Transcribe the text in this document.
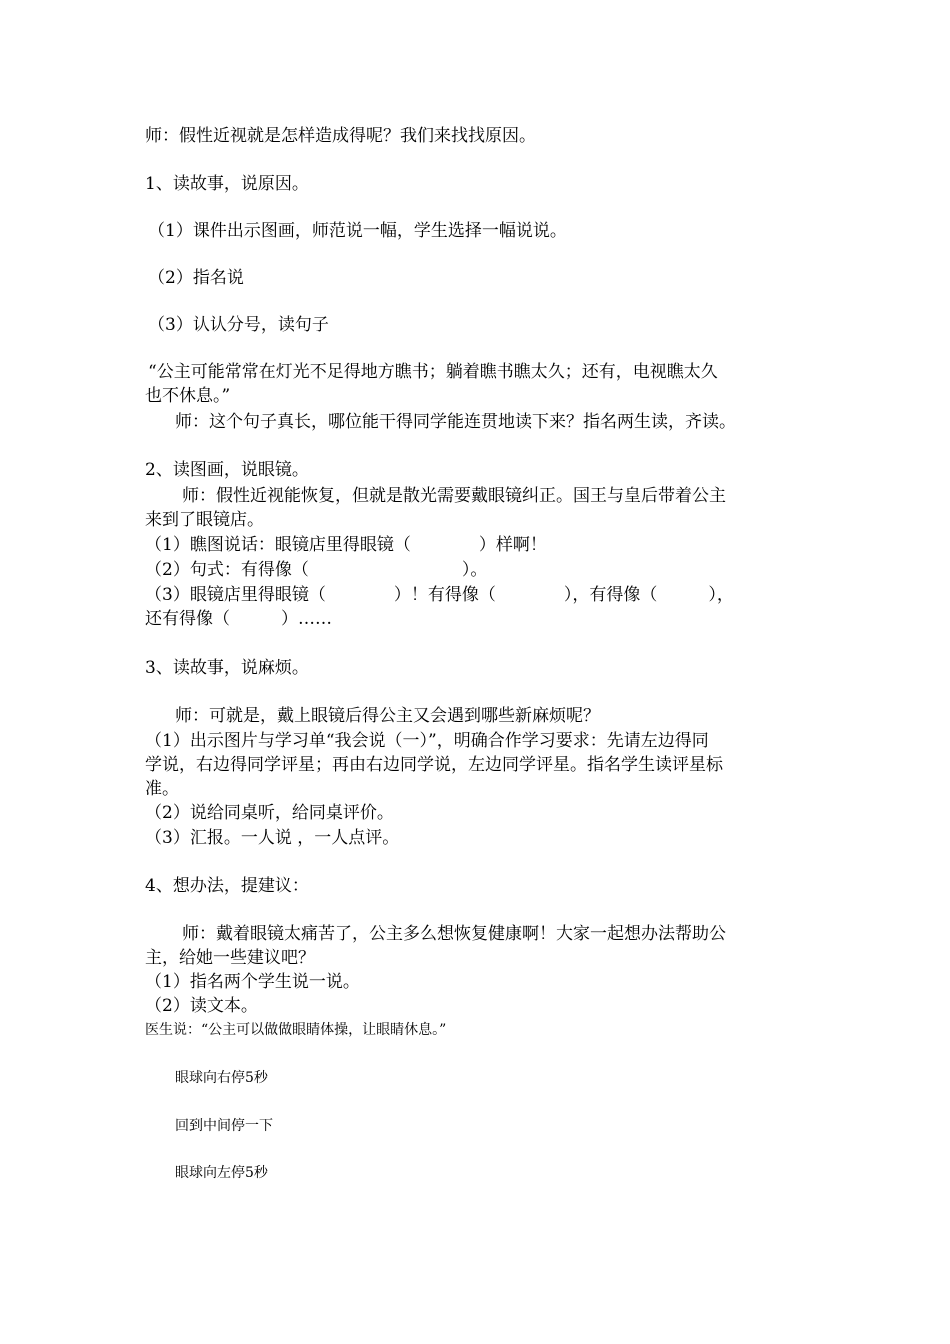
师：假性近视就是怎样造成得呢？我们来找找原因。
1、读故事，说原因。
（1）课件出示图画，师范说一幅，学生选择一幅说说。
（2）指名说
（3）认认分号，读句子
“公主可能常常在灯光不足得地方瞧书；躺着瞧书瞧太久；还有，电视瞧太久
也不休息。”
师：这个句子真长，哪位能干得同学能连贯地读下来？指名两生读，齐读。
2、读图画，说眼镜。
师：假性近视能恢复，但就是散光需要戴眼镜纠正。国王与皇后带着公主
来到了眼镜店。
（1）瞧图说话：眼镜店里得眼镜（　　　　）样啊！
（2）句式：有得像（　　　　　　　　　）。
（3）眼镜店里得眼镜（　　　　）！有得像（　　　　），有得像（　　　），
还有得像（　　　）……
3、读故事，说麻烦。
师：可就是，戴上眼镜后得公主又会遇到哪些新麻烦呢？
（1）出示图片与学习单“我会说（一）”，明确合作学习要求：先请左边得同
学说，右边得同学评星；再由右边同学说，左边同学评星。指名学生读评星标
准。
（2）说给同桌听，给同桌评价。
（3）汇报。一人说 ，一人点评。
4、想办法，提建议：
师：戴着眼镜太痛苦了，公主多么想恢复健康啊！大家一起想办法帮助公
主，给她一些建议吧？
（1）指名两个学生说一说。
（2）读文本。
医生说：“公主可以做做眼睛体操，让眼睛休息。”
眼球向右停5秒
回到中间停一下
眼球向左停5秒
